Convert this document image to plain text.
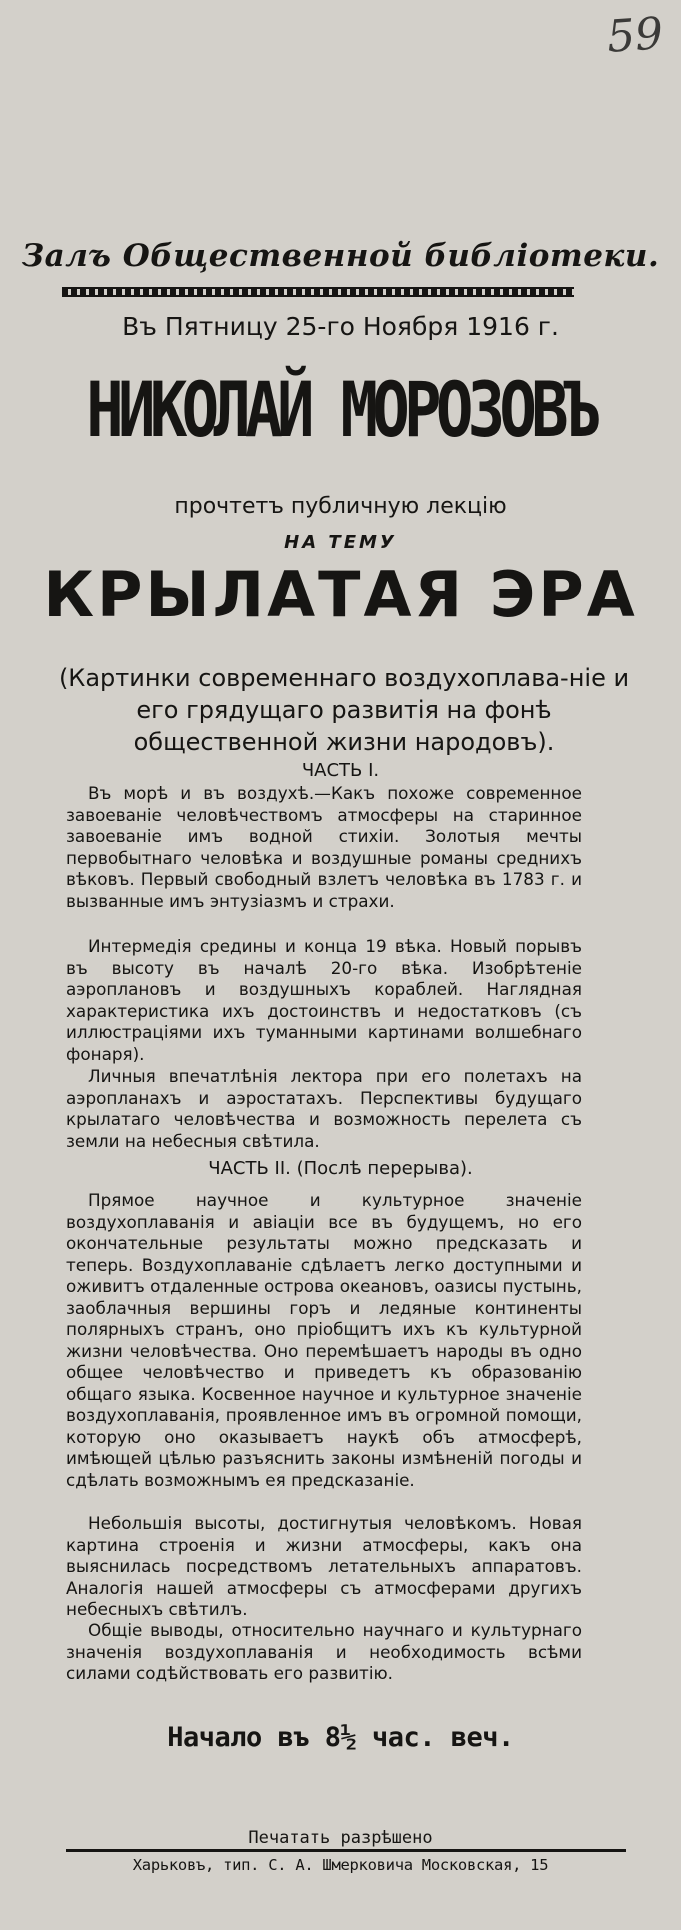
59
Залъ Общественной библiотеки.
Въ Пятницу 25-го Ноября 1916 г.
НИКОЛАЙ МОРОЗОВЪ
прочтетъ публичную лекцiю
НА ТЕМУ
КРЫЛАТАЯ ЭРА
(Картинки современнаго воздухоплава-нiе и его грядущаго развитiя на фонѣ общественной жизни народовъ).
ЧАСТЬ I.

Въ морѣ и въ воздухѣ.—Какъ похоже современное завоеванiе человѣчествомъ атмосферы на старинное завоеванiе имъ водной стихiи. Золотыя мечты первобытнаго человѣка и воздушные романы среднихъ вѣковъ. Первый свободный взлетъ человѣка въ 1783 г. и вызванные имъ энтузiазмъ и страхи.

Интермедiя средины и конца 19 вѣка. Новый порывъ въ высоту въ началѣ 20-го вѣка. Изобрѣтенiе аэроплановъ и воздушныхъ кораблей. Наглядная характеристика ихъ достоинствъ и недостатковъ (съ иллюстрацiями ихъ туманными картинами волшебнаго фонаря).

Личныя впечатлѣнiя лектора при его полетахъ на аэропланахъ и аэростатахъ. Перспективы будущаго крылатаго человѣчества и возможность перелета съ земли на небесныя свѣтила.

ЧАСТЬ II. (Послѣ перерыва).

Прямое научное и культурное значенiе воздухоплаванiя и авiацiи все въ будущемъ, но его окончательные результаты можно предсказать и теперь. Воздухоплаванiе сдѣлаетъ легко доступными и оживитъ отдаленные острова океановъ, оазисы пустынь, заоблачныя вершины горъ и ледяные континенты полярныхъ странъ, оно прiобщитъ ихъ къ культурной жизни человѣчества. Оно перемѣшаетъ народы въ одно общее человѣчество и приведетъ къ образованiю общаго языка. Косвенное научное и культурное значенiе воздухоплаванiя, проявленное имъ въ огромной помощи, которую оно оказываетъ наукѣ объ атмосферѣ, имѣющей цѣлью разъяснить законы измѣненiй погоды и сдѣлать возможнымъ ея предсказанiе.

Небольшiя высоты, достигнутыя человѣкомъ. Новая картина строенiя и жизни атмосферы, какъ она выяснилась посредствомъ летательныхъ аппаратовъ. Аналогiя нашей атмосферы съ атмосферами другихъ небесныхъ свѣтилъ.

Общiе выводы, относительно научнаго и культурнаго значенiя воздухоплаванiя и необходимость всѣми силами содѣйствовать его развитiю.

Начало въ 8½ час. веч.
Печатать разрѣшено
Харьковъ, тип. С. А. Шмерковича Московская, 15
